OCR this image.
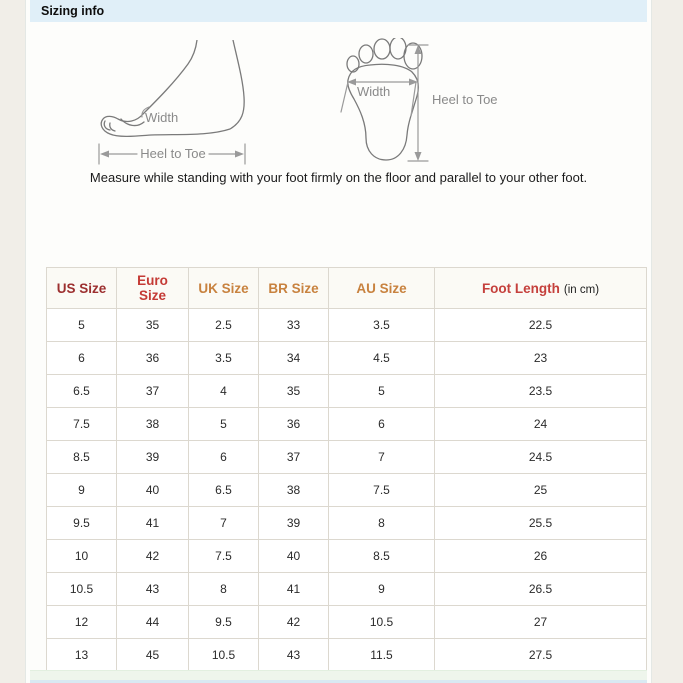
Sizing info
Width
Heel to Toe
Width
Heel to Toe
Measure while standing with your foot firmly on the floor and parallel to your other foot.
US Size	Euro Size	UK Size	BR Size	AU Size	Foot Length (in cm)
5	35	2.5	33	3.5	22.5
6	36	3.5	34	4.5	23
6.5	37	4	35	5	23.5
7.5	38	5	36	6	24
8.5	39	6	37	7	24.5
9	40	6.5	38	7.5	25
9.5	41	7	39	8	25.5
10	42	7.5	40	8.5	26
10.5	43	8	41	9	26.5
12	44	9.5	42	10.5	27
13	45	10.5	43	11.5	27.5
